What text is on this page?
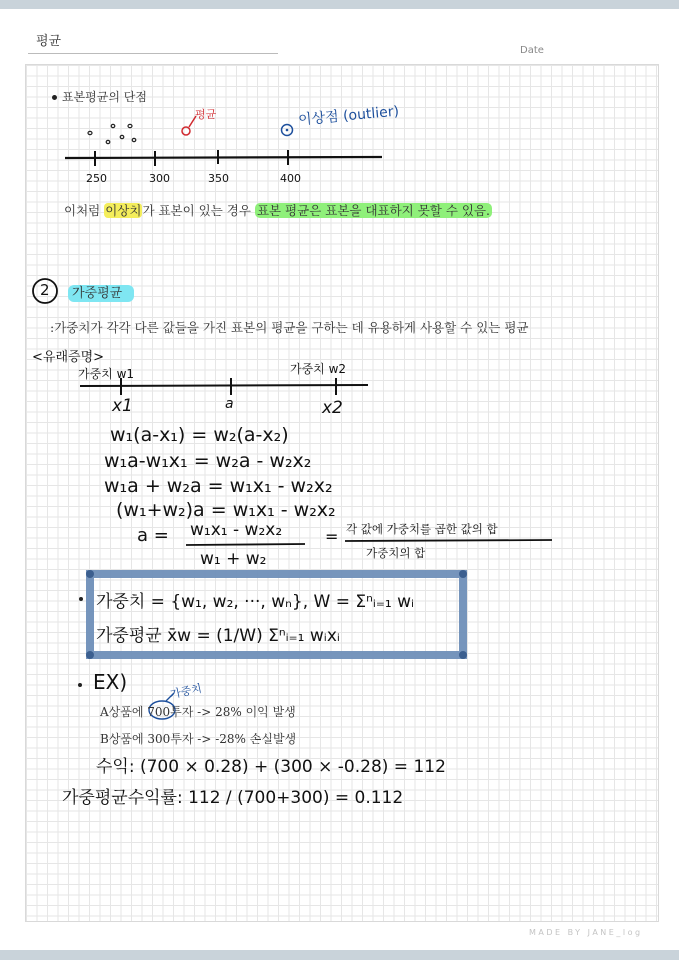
평균
Date
표본평균의 단점
평균	이상점 (outlier)
250	300	350	400
이처럼 이상치가 표본이 있는 경우 표본 평균은 표본을 대표하지 못할 수 있음.
2	가중평균
:가중치가 각각 다른 값들을 가진 표본의 평균을 구하는 데 유용하게 사용할 수 있는 평균
<유래증명>
가중치 w1	가중치 w2
x1	a	x2
w₁(a-x₁) = w₂(a-x₂)
w₁a-w₁x₁ = w₂a - w₂x₂
w₁a + w₂a = w₁x₁ - w₂x₂
(w₁+w₂)a = w₁x₁ - w₂x₂
a = w₁x₁ - w₂x₂
w₁ + w₂
= 각 값에 가중치를 곱한 값의 합
가중치의 합
가중치 = {w₁, w₂, ···, wₙ}, W = Σⁿᵢ₌₁ wᵢ
가중평균 x̄w = (1/W) Σⁿᵢ₌₁ wᵢxᵢ
EX)	가중치
A상품에 700투자 -> 28% 이익 발생
B상품에 300투자 -> -28% 손실발생
수익: (700 × 0.28) + (300 × -0.28) = 112
가중평균수익률: 112 / (700+300) = 0.112
MADE BY JANE_log
